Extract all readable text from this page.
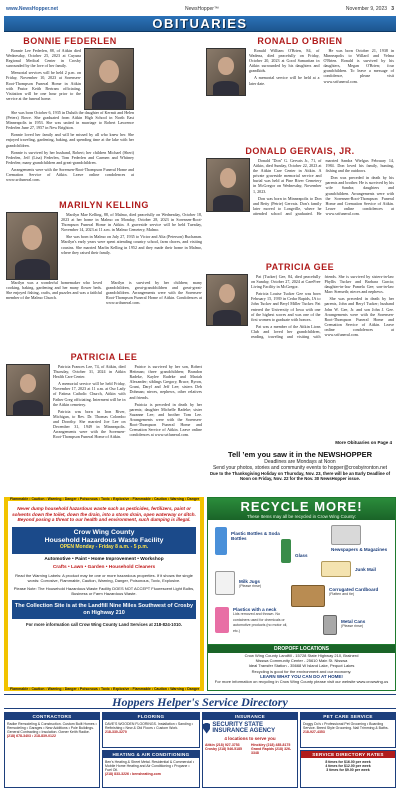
www.NewsHopper.net	NewsHopper™	November 9, 2023 3
OBITUARIES
BONNIE FEDERLEN

Bonnie Lee Federlen, 88, of Aitkin died Wednesday, October 25, 2023 at Cuyuna Regional Medical Center in Crosby surrounded by the love of her family.

Memorial services will be held 2 p.m. on Friday, November 10, 2023 at Sorensen-Root-Thompson Funeral Home in Aitkin with Pastor Keith Bertram officiating. Visitation will be one hour prior to the service at the funeral home.

She was born October 6, 1935 in Duluth the daughter of Kermit and Helen (Peters) Bowe. She graduated from Aitkin High School in North East Minneapolis in 1953. She was united in marriage to Robert Lawrence Federlen June 27, 1957 in New Brighton.

Bonnie loved her family and will be missed by all who knew her. She enjoyed traveling, gardening, baking, and spending time at the lake with her grandchildren.

Bonnie is survived by her husband, Robert; her children Michael (Sheri) Federlen, Jeff (Lisa) Federlen, Tom Federlen and Carmen and Whitney Federlen; many grandchildren and great-grandchildren.

Arrangements were with the Sorensen-Root-Thompson Funeral Home and Cremation Service of Aitkin. Leave online condolences at www.srtfuneral.com.

MARILYN KELLING

Marilyn Mae Kelling, 88, of Malmo, died peacefully on Wednesday, October 18, 2023 at her home in Malmo on Monday, October 28, 2023 in Sorensen-Root-Thompson Funeral Home in Aitkin. A graveside service will be held Tuesday, November 14, 2023 at 11 a.m. in Malmo Cemetery, Malmo.

She was born in Malmo on July 27, 1935 to Victor and Alta (Peterson) Buchanan. Marilyn's early years were spent attending country school, farm chores, and visiting cousins. She married Marlin Kelling in 1952 and they made their home in Malmo, where they raised their family.

Marilyn was a wonderful homemaker who loved cooking, baking, gardening and her many flower beds. She enjoyed fishing, crafts, and puzzles and was a faithful member of the Malmo Church.

Marilyn is survived by her children; many grandchildren, great-grandchildren and great-great-grandchildren. Arrangements were with the Sorensen-Root-Thompson Funeral Home of Aitkin. Condolences at www.srtfuneral.com.

PATRICIA LEE

Patricia Frances Lee, 74, of Aitkin, died Thursday, October 31, 2024 in Aitkin Health Care Center.

A memorial service will be held Friday, November 17, 2023 at 11 a.m. at Our Lady of Fatima Catholic Church, Aitkin with Father Greg officiating. Interment will be in the Aitkin cemetery.

Patricia was born in Iron River, Michigan, to Rev. Dr. Thomas Colombo and Dorothy. She married Joe Lee on December 31, 1949 in Minneapolis. Arrangements were with the Sorensen-Root-Thompson Funeral Home of Aitkin.

Patrice is survived by her son, Robert Heitman; three grandchildren; Brandon Radeke, Kaylee Radeke and Mariah Alexander; siblings Gregory, Bruce, Byron, Grant, Daryl and Jeff Lee; sisters Deb Dohman; nieces, nephews, other relatives and friends.

Patricia is preceded in death by her parents; daughter Michelle Radeke; sister Suzanne Lee; and brother Tom Lee. Arrangements were with the Sorensen-Root-Thompson Funeral Home and Cremation Service of Aitkin. Leave online condolences at www.srtfuneral.com.

RONALD O'BRIEN

Ronald William O'Brien, 84, of Wadena, died peacefully on Friday, October 20, 2023 at Good Samaritan in Aitkin surrounded by his daughters and grandkids.

A memorial service will be held at a later date.

He was born October 21, 1938 in Minneapolis to Willard and Velma O'Brien. Ronald is survived by his daughters, Megan O'Brien; four grandchildren. To leave a message of condolence, please visit www.srtfuneral.com.

DONALD GERVAIS, JR.

Donald "Don" G. Gervais Jr., 71, of Aitkin, died Sunday, October 22, 2023 at the Aitkin Care Center in Aitkin. A private graveside memorial service and burial was held at Pine River Cemetery in McGregor on Wednesday, November 1, 2023.

Don was born in Minneapolis to Don and Betty (Petrie) Gervais. Don's family later moved to Longville, where he attended school and graduated. He married Sandra Wielgus February 14, 1984. Don loved his family, hunting, fishing and the outdoors.

Don was preceded in death by his parents and brother. He is survived by his wife Sandra; daughters and grandchildren. Arrangements were with the Sorensen-Root-Thompson Funeral Home and Cremation Service of Aitkin. Leave online condolences at www.srtfuneral.com.

PATRICIA GEE

Pat (Tucker) Gee, 84, died peacefully on Sunday, October 27, 2024 at CareFree Living Facility in McGregor.

Patricia Louise Tucker Gee was born February 15, 1939 in Cedar Rapids, IA to John Tucker and Beryl Miller Tucker. Pat entered the University of Iowa with one of the highest scores and was one of the first women to graduate with honors.

Pat was a member of the Aitkin Lions Club and loved her grandchildren, reading, traveling and visiting with friends. She is survived by sisters-in-law Phyllis Tucker and Barbara Garcia; daughter-in-law Pamela Gee; son-in-law Marc Stenseth; nieces and nephews.

She was preceded in death by her parents, John and Beryl Tucker; husband John W. Gee, Jr. and son John J. Gee. Arrangements were with the Sorensen-Root-Thompson Funeral Home and Cremation Service of Aitkin. Leave online condolences at www.srtfuneral.com.

More Obituaries on Page 4
Tell ’em you saw it in the NEWSHOPPER
Deadlines are Mondays at Noon
Send your photos, stories and community events to hopper@crosbyironton.net
Due to the Thanksgiving Holiday on Thursday, Nov. 23, there will be an Early Deadline of Noon on Friday, Nov. 22 for the Nov. 30 NewsHopper issue.
Flammable • Caution • Warning • Danger • Poisonous • Toxic • Explosive • Flammable • Caution • Warning • Danger
Flammable • Caution • Warning • Danger • Poisonous • Toxic • Explosive • Flammable • Caution • Warning • Danger
Never dump household hazardous waste such as pesticides, fertilizers, paint or solvents down the toilet, down the drain, into a storm drain, open waterway or ditch. Beyond posing a threat to our health and environment, such dumping is illegal.
Crow Wing County
Household Hazardous Waste Facility
OPEN Monday - Friday 8 a.m. - 5 p.m.
Automotive • Paint • Home Improvement • Workshop
Crafts • Lawn • Garden • Household Cleaners
Read the Warning Labels: A product may be one or more hazardous properties. If it shows the single words: Corrosive, Flammable, Caution, Warning, Danger, Poisonous, Toxic, Explosive.
Please Note: The Household Hazardous Waste Facility DOES NOT ACCEPT Fluorescent Light Bulbs, Business or Farm Hazardous Waste.
The Collection Site is at the Landfill Nine Miles Southwest of Crosby on Highway 210
For more information call Crow Wing County Land Services at 218-824-1010.
RECYCLE MORE!
These Items may all be recycled in Crow Wing County:
Plastic Bottles & Soda Bottles
Newspapers & Magazines
Glass
Junk Mail
Milk Jugs
(Please rinse)
Corrugated Cardboard
(Flatten and tie)
Plastics with a neck
Lids removed and thrown. No containers used for chemicals or automotive products (no motor oil, etc.)
Metal Cans
(Please rinse)
DROPOFF LOCATIONS
Crow Wing County Landfill - 15728 State Highway 210, Brainerd
Nisswa Community Center - 25610 Main St. Nisswa
Ideal Transfer Station - 35668 W Island Lake, Pequot Lakes
Recycling is good for the environment and our economy.
LEARN WHAT YOU CAN DO AT HOME!
For more information on recycling in Crow Wing County please visit our website www.crowwing.us
Hoppers Helper's Service Directory
CONTRACTORS
Radke Remodeling & Construction. Custom Built Homes • Remodeling • Garages • New Additions • Pole Buildings. General Contracting • Insulation. Owner Keith Radke.
(218) 678-3403 • 218-839-0122
FLOORING
DAVE'S WOODEN FLOORINGS. Installation • Sanding • Refinishing • New & Old Floors • Custom Work.
218-330-3270
HEATING & AIR CONDITIONING
Ben's Heating & Sheet Metal. Residential & Commercial • Mobile Home Heating and Air Conditioning • Propane • Fuel Oil.
(218) 833-3226 • bensheating.com
INSURANCE
SECURITY STATE INSURANCE AGENCY
4 locations to serve you
Aitkin (218) 927-3753	Hinckley (218) 485-8175
Crosby (218) 546-5185	Grand Rapids (218) 326-3348
PET CARE SERVICE
Doggy Do's • Professional Pet Grooming • Boarding Service. Breed Style Grooming. Nail Trimming & Baths.
218-927-4353
SERVICE DIRECTORY RATES
8 times for $16.00 per week
4 times for $12.00 per week
3 times for $9.00 per week
